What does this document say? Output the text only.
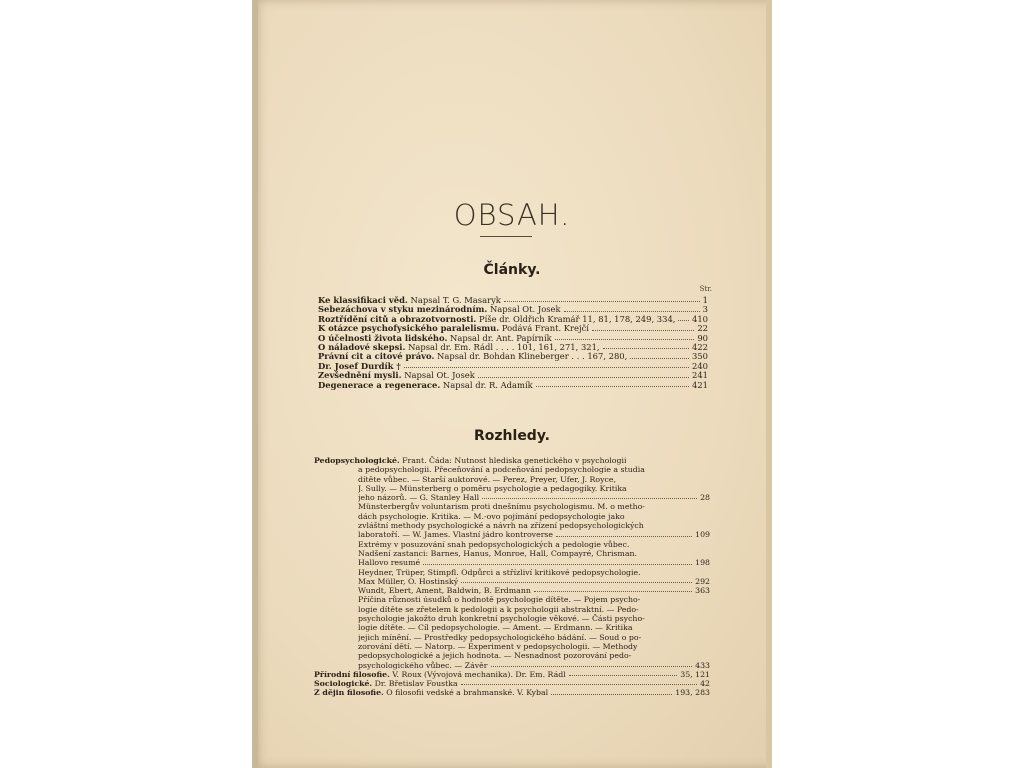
OBSAH.
Články.
Str.
Ke klassifikaci věd. Napsal T. G. Masaryk	1
Sebezáchova v styku mezinárodním. Napsal Ot. Josek	3
Roztřídění citů a obrazotvornosti. Píše dr. Oldřich Kramář 11, 81, 178, 249, 334, 410
K otázce psychofysického paralelismu. Podává Frant. Krejčí	22
O účelnosti života lidského. Napsal dr. Ant. Papírník	90
O náladové skepsi. Napsal dr. Em. Rádl . . . . 101, 161, 271, 321,	422
Právní cit a citové právo. Napsal dr. Bohdan Klineberger . . . 167, 280,	350
Dr. Josef Durdík †	240
Zevšednění mysli. Napsal Ot. Josek	241
Degenerace a regenerace. Napsal dr. R. Adamík	421
Rozhledy.
Pedopsychologické. Frant. Čáda: Nutnost hlediska genetického v psychologii
a pedopsychologii. Přeceňování a podceňování pedopsychologie a studia
dítěte vůbec. — Starší auktorové. — Perez, Preyer, Ufer, J. Royce,
J. Sully. — Münsterberg o poměru psychologie a pedagogiky. Kritika
jeho názorů. — G. Stanley Hall	28
Münsterbergův voluntarism proti dnešnímu psychologismu. M. o metho-
dách psychologie. Kritika. — M.-ovo pojímání pedopsychologie jako
zvláštní methody psychologické a návrh na zřízení pedopsychologických
laboratoří. — W. James. Vlastní jádro kontroverse	109
Extrémy v posuzování snah pedopsychologických a pedologie vůbec.
Nadšení zastanci: Barnes, Hanus, Monroe, Hall, Compayré, Chrisman.
Hallovo resumé	198
Heydner, Trüper, Stimpfl. Odpůrci a střízliví kritikové pedopsychologie.
Max Müller, O. Hostinský	292
Wundt, Ebert, Ament, Baldwin, B. Erdmann	363
Příčina různosti úsudků o hodnotě psychologie dítěte. — Pojem psycho-
logie dítěte se zřetelem k pedologii a k psychologii abstraktní. — Pedo-
psychologie jakožto druh konkretní psychologie věkové. — Části psycho-
logie dítěte. — Cíl pedopsychologie. — Ament. — Erdmann. — Kritika
jejich mínění. — Prostředky pedopsychologického bádání. — Soud o po-
zorování dětí. — Natorp. — Experiment v pedopsychologii. — Methody
pedopsychologické a jejich hodnota. — Nesnadnost pozorování pedo-
psychologického vůbec. — Závěr	433
Přírodní filosofie. V. Roux (Vývojová mechanika). Dr. Em. Rádl	35, 121
Sociologické. Dr. Břetislav Foustka	42
Z dějin filosofie. O filosofii vedské a brahmanské. V. Kybal	193, 283
